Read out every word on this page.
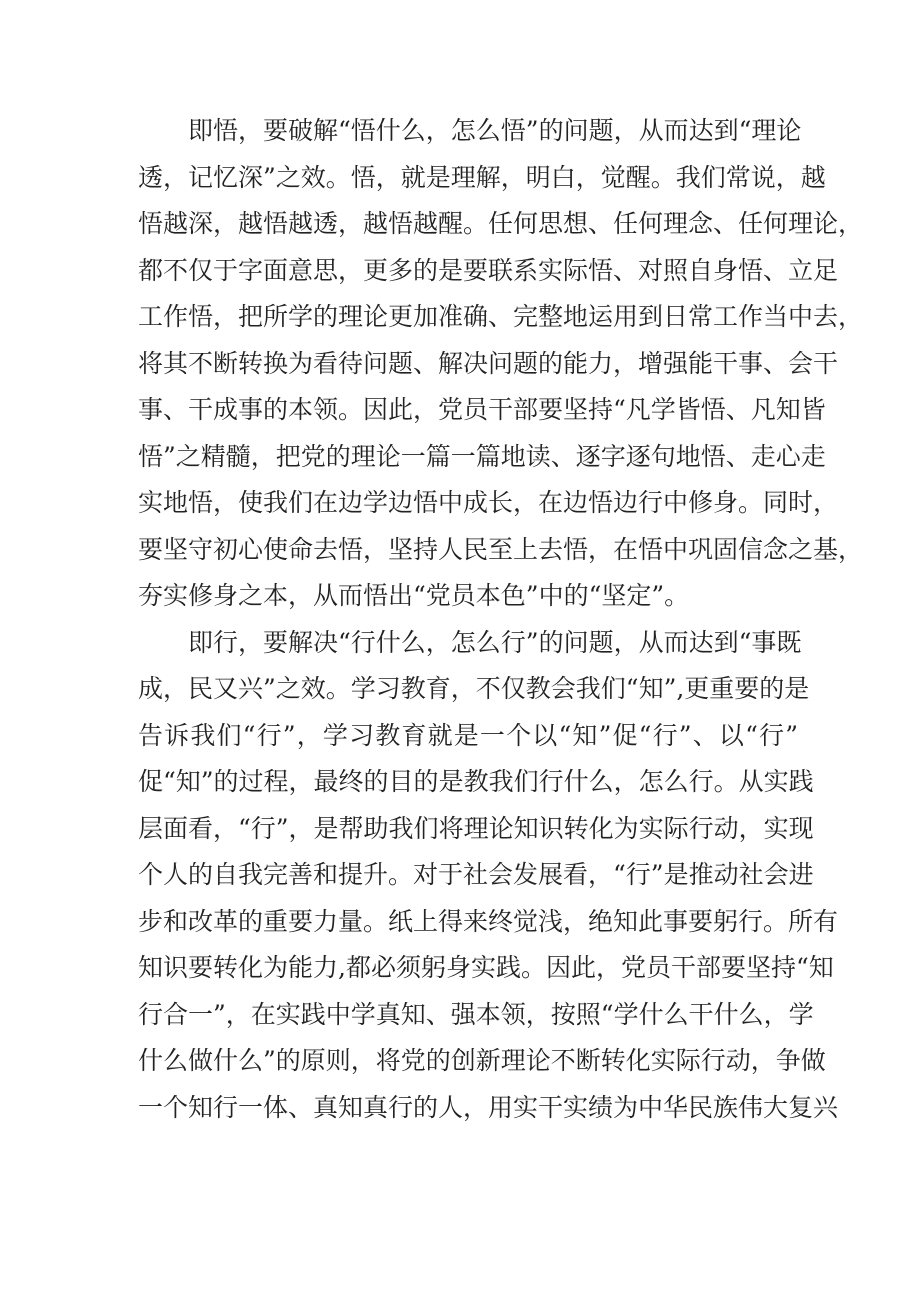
即悟，要破解“悟什么，怎么悟”的问题，从而达到“理论
透，记忆深”之效。悟，就是理解，明白，觉醒。我们常说，越
悟越深，越悟越透，越悟越醒。任何思想、任何理念、任何理论，
都不仅于字面意思，更多的是要联系实际悟、对照自身悟、立足
工作悟，把所学的理论更加准确、完整地运用到日常工作当中去，
将其不断转换为看待问题、解决问题的能力，增强能干事、会干
事、干成事的本领。因此，党员干部要坚持“凡学皆悟、凡知皆
悟”之精髓，把党的理论一篇一篇地读、逐字逐句地悟、走心走
实地悟，使我们在边学边悟中成长，在边悟边行中修身。同时，
要坚守初心使命去悟，坚持人民至上去悟，在悟中巩固信念之基，
夯实修身之本，从而悟出“党员本色”中的“坚定”。
即行，要解决“行什么，怎么行”的问题，从而达到“事既
成，民又兴”之效。学习教育，不仅教会我们“知”,更重要的是
告诉我们“行”，学习教育就是一个以“知”促“行”、以“行”
促“知”的过程，最终的目的是教我们行什么，怎么行。从实践
层面看，“行”，是帮助我们将理论知识转化为实际行动，实现
个人的自我完善和提升。对于社会发展看，“行”是推动社会进
步和改革的重要力量。纸上得来终觉浅，绝知此事要躬行。所有
知识要转化为能力,都必须躬身实践。因此，党员干部要坚持“知
行合一”，在实践中学真知、强本领，按照“学什么干什么，学
什么做什么”的原则，将党的创新理论不断转化实际行动，争做
一个知行一体、真知真行的人，用实干实绩为中华民族伟大复兴
